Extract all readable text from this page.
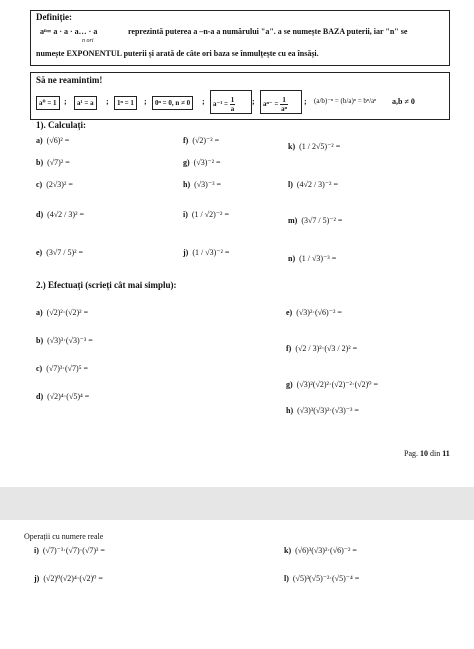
Definiție:
aⁿ= a · a · a… · a
n ori
reprezintă puterea a –n-a a numărului "a". a se numește BAZA puterii, iar "n" se
numește EXPONENTUL puterii și arată de câte ori baza se înmulțește cu ea însăși.
Să ne reamintim!
a⁰ = 1 ;	a¹ = a	;	1ⁿ = 1	;	0ⁿ = 0, n ≠ 0	; $a^{-1} = \frac{1}{a}$ ; $a^{n-} = \frac{1}{\text{aⁿ}}$ ; (a/b)⁻ⁿ = (b/a)ⁿ = bⁿ/aⁿ a,b ≠ 0
1). Calculați:
a) (√6)² =
b) (√7)² =
c) (2√3)² =
d) (4√2 / 3)² =
e) (3√7 / 5)² =
f) (√2)⁻² =
g) (√3)⁻² =
h) (√3)⁻³ =
i) (1 / √2)⁻² =
j) (1 / √3)⁻² =
k) (1 / 2√5)⁻² =
l) (4√2 / 3)⁻² =
m) (3√7 / 5)⁻² =
n) (1 / √3)⁻³ =
2.) Efectuați (scrieți cât mai simplu):
a) (√2)²·(√2)² =
b) (√3)³·(√3)⁻³ =
c) (√7)³·(√7)⁵ =
d) (√2)⁴·(√5)⁴ =
e) (√3)²·(√6)⁻² =
f) (√2 / 3)²·(√3 / 2)² =
g) (√3)²(√2)²·(√2)⁻²·(√2)⁰ =
h) (√3)³(√3)²·(√3)⁻³ =
Pag. 10 din 11
Operații cu numere reale
i) (√7)⁻³·(√7)·(√7)³ =
j) (√2)⁰(√2)⁴·(√2)⁰ =
k) (√6)³(√3)²·(√6)⁻² =
l) (√5)³(√5)⁻²·(√5)⁻⁴ =
